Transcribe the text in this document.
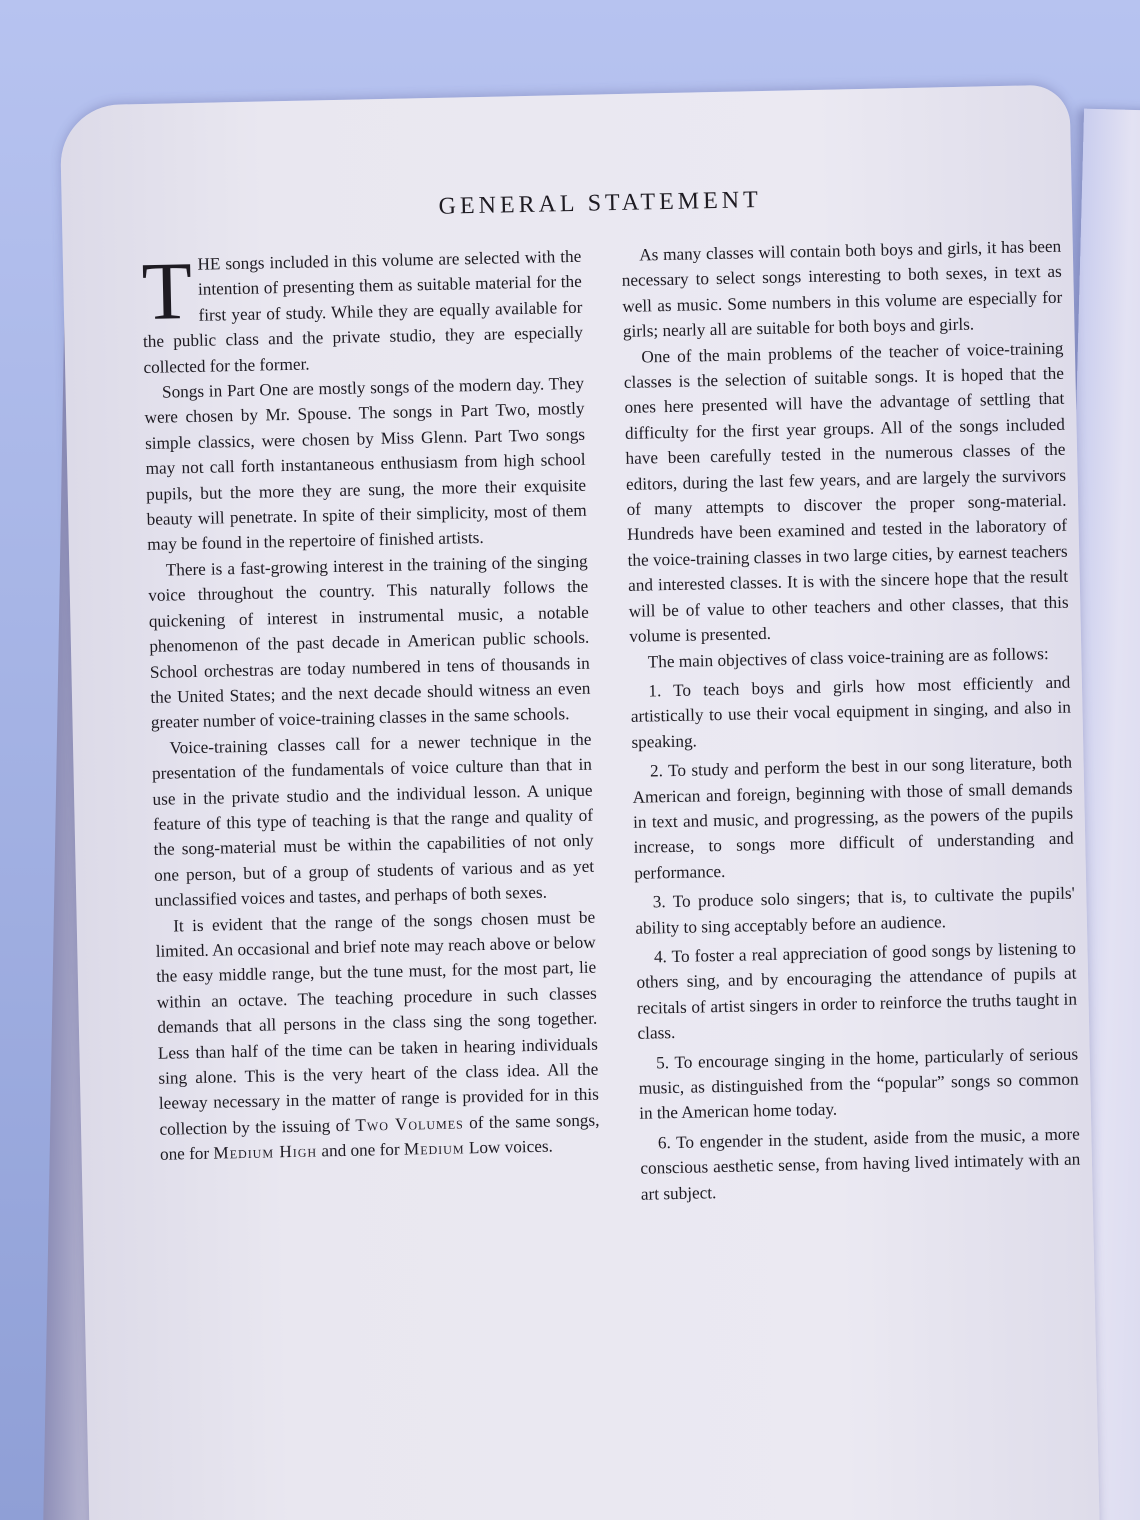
GENERAL STATEMENT

THE songs included in this volume are selected with the intention of presenting them as suitable material for the first year of study. While they are equally available for the public class and the private studio, they are especially collected for the former.

Songs in Part One are mostly songs of the modern day. They were chosen by Mr. Spouse. The songs in Part Two, mostly simple classics, were chosen by Miss Glenn. Part Two songs may not call forth instantaneous enthusiasm from high school pupils, but the more they are sung, the more their exquisite beauty will penetrate. In spite of their simplicity, most of them may be found in the repertoire of finished artists.

There is a fast-growing interest in the training of the singing voice throughout the country. This naturally follows the quickening of interest in instrumental music, a notable phenomenon of the past decade in American public schools. School orchestras are today numbered in tens of thousands in the United States; and the next decade should witness an even greater number of voice-training classes in the same schools.

Voice-training classes call for a newer technique in the presentation of the fundamentals of voice culture than that in use in the private studio and the individual lesson. A unique feature of this type of teaching is that the range and quality of the song-material must be within the capabilities of not only one person, but of a group of students of various and as yet unclassified voices and tastes, and perhaps of both sexes.

It is evident that the range of the songs chosen must be limited. An occasional and brief note may reach above or below the easy middle range, but the tune must, for the most part, lie within an octave. The teaching procedure in such classes demands that all persons in the class sing the song together. Less than half of the time can be taken in hearing individuals sing alone. This is the very heart of the class idea. All the leeway necessary in the matter of range is provided for in this collection by the issuing of Two Volumes of the same songs, one for Medium High and one for Medium Low voices.

As many classes will contain both boys and girls, it has been necessary to select songs interesting to both sexes, in text as well as music. Some numbers in this volume are especially for girls; nearly all are suitable for both boys and girls.

One of the main problems of the teacher of voice-training classes is the selection of suitable songs. It is hoped that the ones here presented will have the advantage of settling that difficulty for the first year groups. All of the songs included have been carefully tested in the numerous classes of the editors, during the last few years, and are largely the survivors of many attempts to discover the proper song-material. Hundreds have been examined and tested in the laboratory of the voice-training classes in two large cities, by earnest teachers and interested classes. It is with the sincere hope that the result will be of value to other teachers and other classes, that this volume is presented.

The main objectives of class voice-training are as follows:

1. To teach boys and girls how most efficiently and artistically to use their vocal equipment in singing, and also in speaking.

2. To study and perform the best in our song literature, both American and foreign, beginning with those of small demands in text and music, and progressing, as the powers of the pupils increase, to songs more difficult of understanding and performance.

3. To produce solo singers; that is, to cultivate the pupils' ability to sing acceptably before an audience.

4. To foster a real appreciation of good songs by listening to others sing, and by encouraging the attendance of pupils at recitals of artist singers in order to reinforce the truths taught in class.

5. To encourage singing in the home, particularly of serious music, as distinguished from the “popular” songs so common in the American home today.

6. To engender in the student, aside from the music, a more conscious aesthetic sense, from having lived intimately with an art subject.
